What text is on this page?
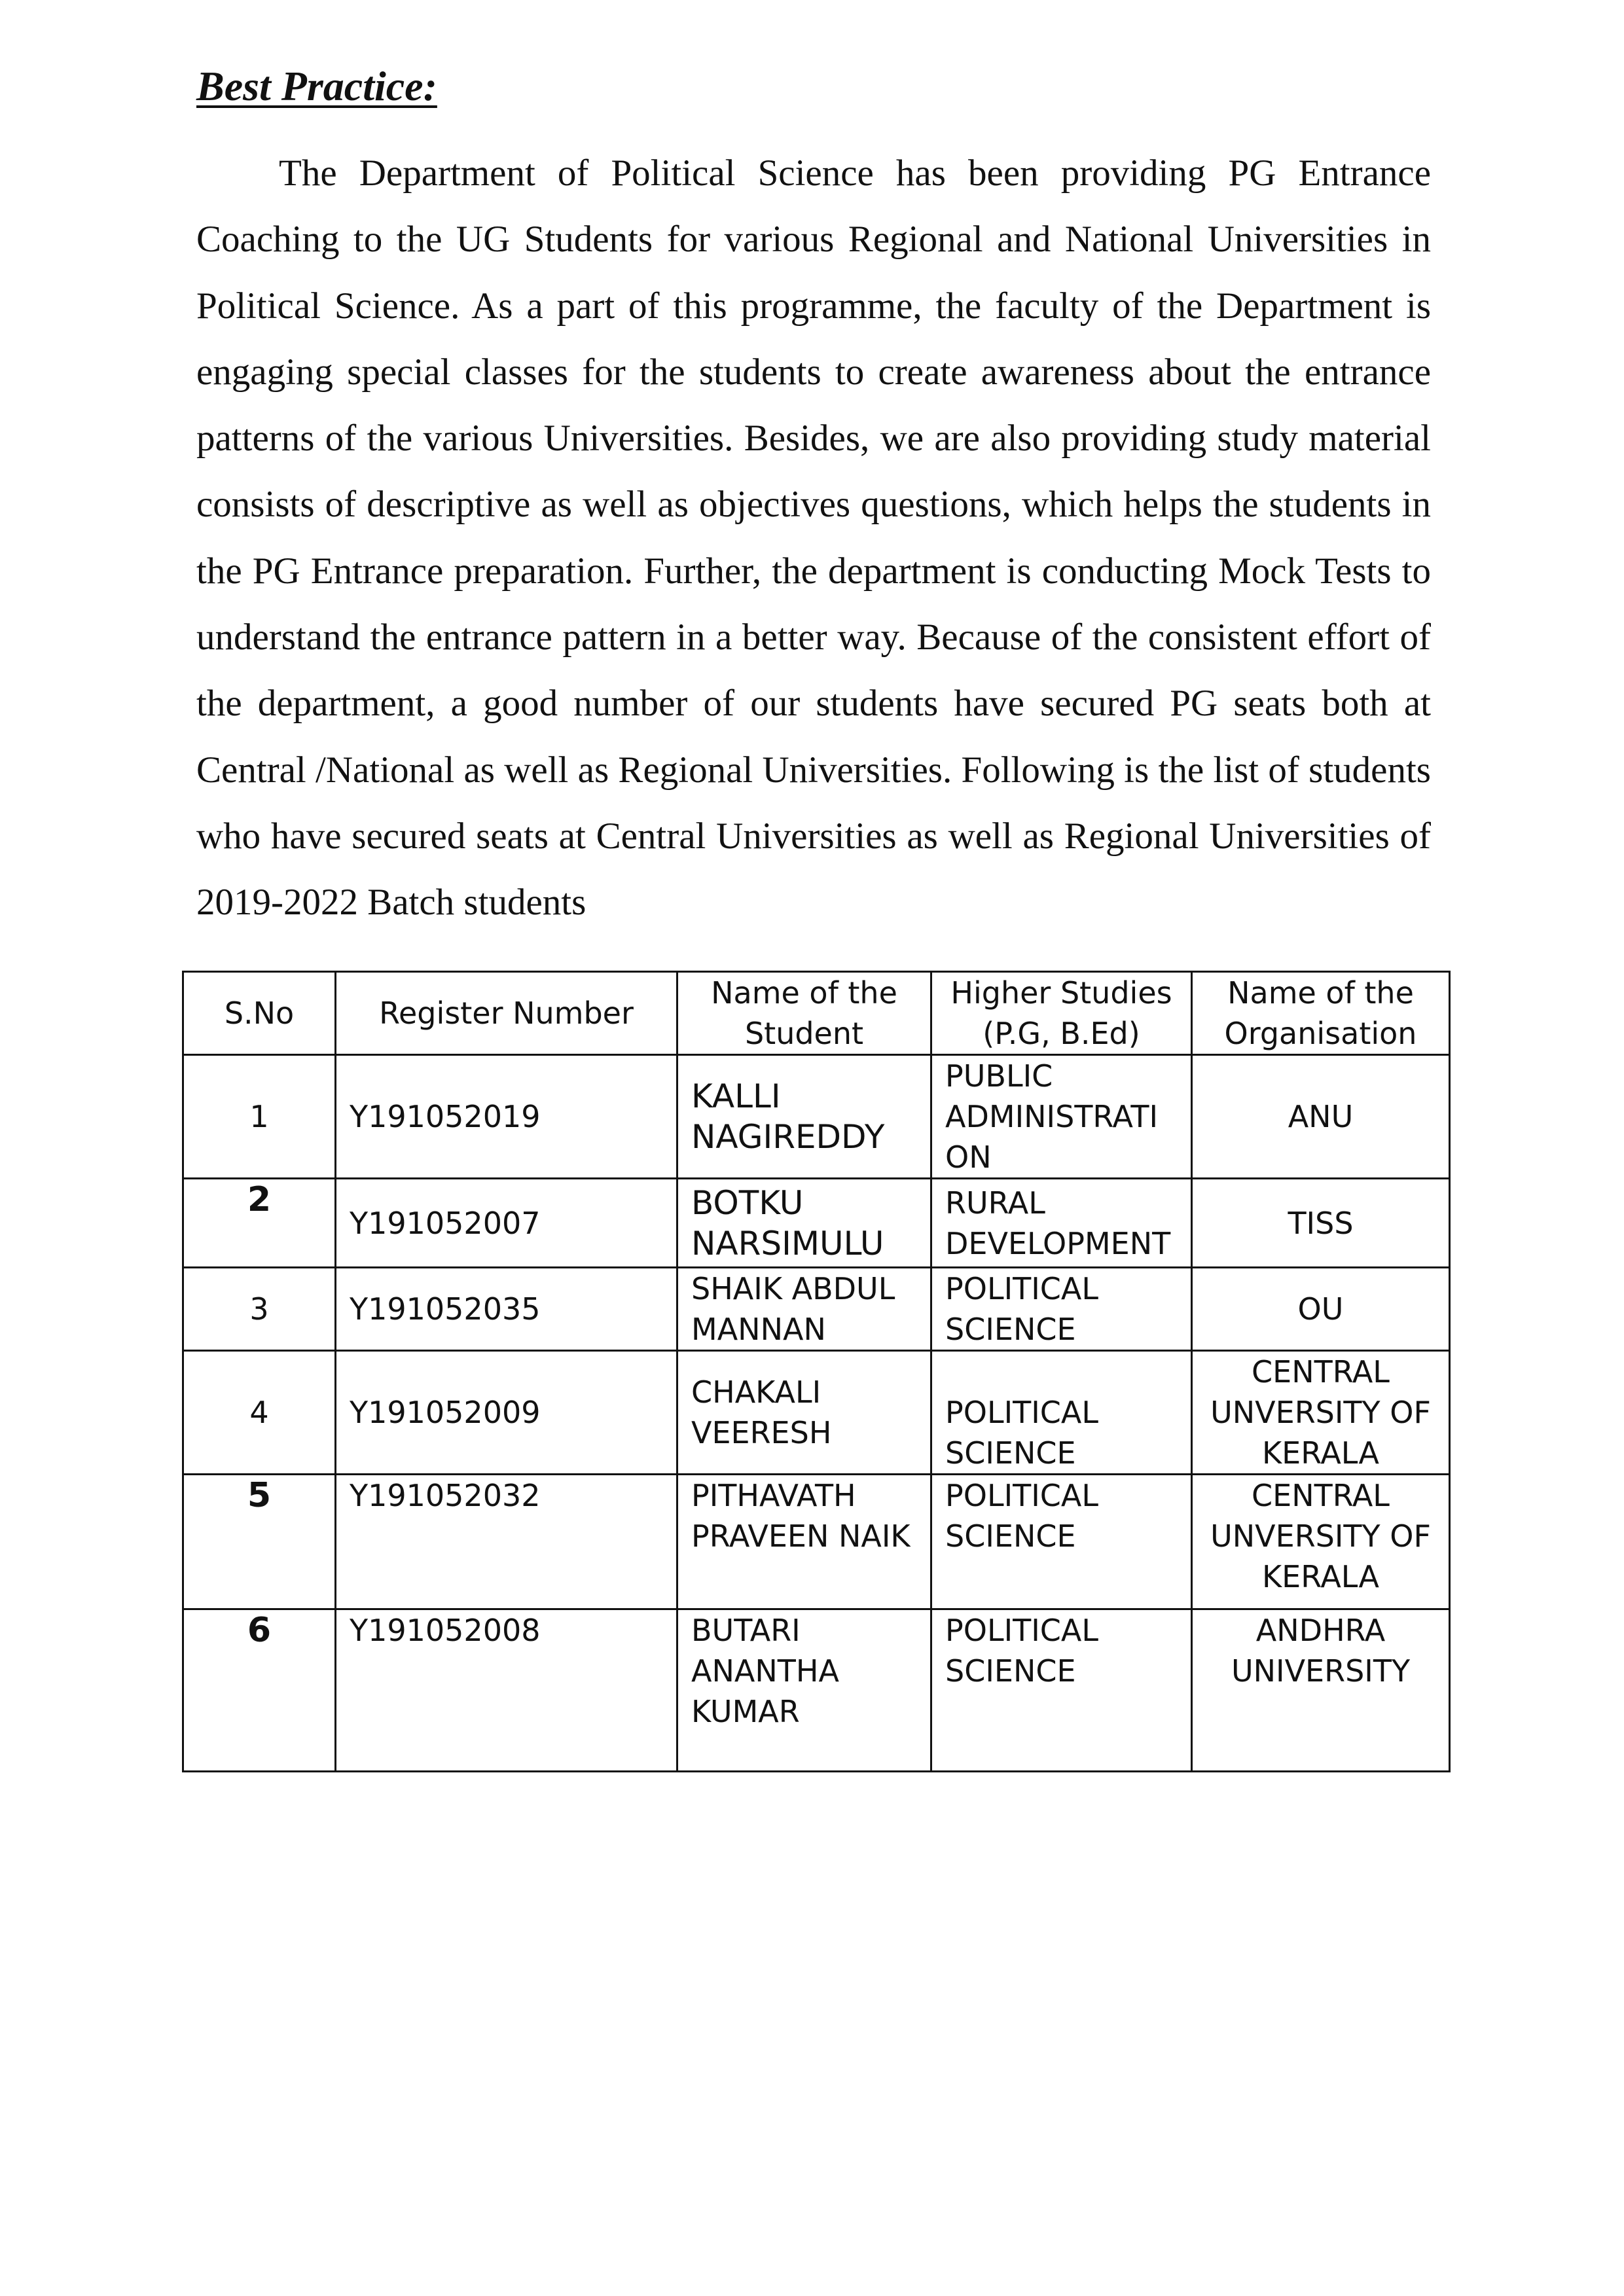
Best Practice:

The Department of Political Science has been providing PG Entrance Coaching to the UG Students for various Regional and National Universities in Political Science. As a part of this programme, the faculty of the Department is engaging special classes for the students to create awareness about the entrance patterns of the various Universities. Besides, we are also providing study material consists of descriptive as well as objectives questions, which helps the students in the PG Entrance preparation. Further, the department is conducting Mock Tests to understand the entrance pattern in a better way. Because of the consistent effort of the department, a good number of our students have secured PG seats both at Central /National as well as Regional Universities. Following is the list of students who have secured seats at Central Universities as well as Regional Universities of 2019-2022 Batch students

S.No	Register Number	Name of the Student	Higher Studies (P.G, B.Ed)	Name of the Organisation
1	Y191052019	KALLI NAGIREDDY	PUBLIC ADMINISTRATION	ANU
2	Y191052007	BOTKU NARSIMULU	RURAL DEVELOPMENT	TISS
3	Y191052035	SHAIK ABDUL MANNAN	POLITICAL SCIENCE	OU
4	Y191052009	CHAKALI VEERESH	POLITICAL SCIENCE	CENTRAL UNVERSITY OF KERALA
5	Y191052032	PITHAVATH PRAVEEN NAIK	POLITICAL SCIENCE	CENTRAL UNVERSITY OF KERALA
6	Y191052008	BUTARI ANANTHA KUMAR	POLITICAL SCIENCE	ANDHRA UNIVERSITY
